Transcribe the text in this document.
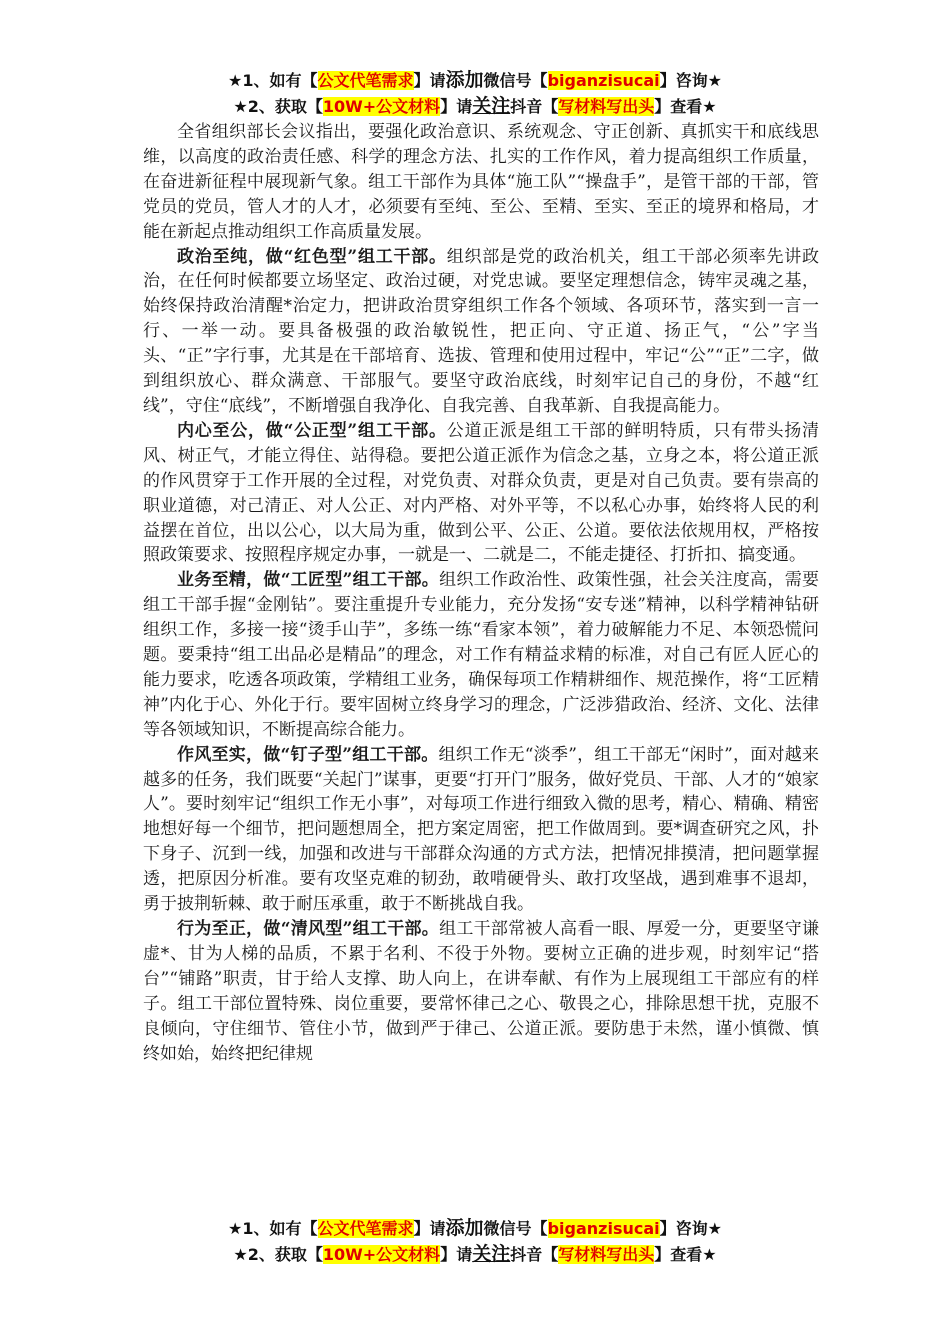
★1、如有【公文代笔需求】请添加微信号【biganzisucai】咨询★
★2、获取【10W+公文材料】请关注抖音【写材料写出头】查看★

全省组织部长会议指出，要强化政治意识、系统观念、守正创新、真抓实干和底线思维，以高度的政治责任感、科学的理念方法、扎实的工作作风，着力提高组织工作质量，在奋进新征程中展现新气象。组工干部作为具体“施工队”“操盘手”，是管干部的干部，管党员的党员，管人才的人才，必须要有至纯、至公、至精、至实、至正的境界和格局，才能在新起点推动组织工作高质量发展。

政治至纯，做“红色型”组工干部。组织部是党的政治机关，组工干部必须率先讲政治，在任何时候都要立场坚定、政治过硬，对党忠诚。要坚定理想信念，铸牢灵魂之基，始终保持政治清醒*治定力，把讲政治贯穿组织工作各个领域、各项环节，落实到一言一行、一举一动。要具备极强的政治敏锐性，把正向、守正道、扬正气，“公”字当头、“正”字行事，尤其是在干部培育、选拔、管理和使用过程中，牢记“公”“正”二字，做到组织放心、群众满意、干部服气。要坚守政治底线，时刻牢记自己的身份，不越“红线”，守住“底线”，不断增强自我净化、自我完善、自我革新、自我提高能力。

内心至公，做“公正型”组工干部。公道正派是组工干部的鲜明特质，只有带头扬清风、树正气，才能立得住、站得稳。要把公道正派作为信念之基，立身之本，将公道正派的作风贯穿于工作开展的全过程，对党负责、对群众负责，更是对自己负责。要有崇高的职业道德，对己清正、对人公正、对内严格、对外平等，不以私心办事，始终将人民的利益摆在首位，出以公心，以大局为重，做到公平、公正、公道。要依法依规用权，严格按照政策要求、按照程序规定办事，一就是一、二就是二，不能走捷径、打折扣、搞变通。

业务至精，做“工匠型”组工干部。组织工作政治性、政策性强，社会关注度高，需要组工干部手握“金刚钻”。要注重提升专业能力，充分发扬“安专迷”精神，以科学精神钻研组织工作，多接一接“烫手山芋”，多练一练“看家本领”，着力破解能力不足、本领恐慌问题。要秉持“组工出品必是精品”的理念，对工作有精益求精的标准，对自己有匠人匠心的能力要求，吃透各项政策，学精组工业务，确保每项工作精耕细作、规范操作，将“工匠精神”内化于心、外化于行。要牢固树立终身学习的理念，广泛涉猎政治、经济、文化、法律等各领域知识，不断提高综合能力。

作风至实，做“钉子型”组工干部。组织工作无“淡季”，组工干部无“闲时”，面对越来越多的任务，我们既要“关起门”谋事，更要“打开门”服务，做好党员、干部、人才的“娘家人”。要时刻牢记“组织工作无小事”，对每项工作进行细致入微的思考，精心、精确、精密地想好每一个细节，把问题想周全，把方案定周密，把工作做周到。要*调查研究之风，扑下身子、沉到一线，加强和改进与干部群众沟通的方式方法，把情况排摸清，把问题掌握透，把原因分析准。要有攻坚克难的韧劲，敢啃硬骨头、敢打攻坚战，遇到难事不退却，勇于披荆斩棘、敢于耐压承重，敢于不断挑战自我。

行为至正，做“清风型”组工干部。组工干部常被人高看一眼、厚爱一分，更要坚守谦虚*、甘为人梯的品质，不累于名利、不役于外物。要树立正确的进步观，时刻牢记“搭台”“铺路”职责，甘于给人支撑、助人向上，在讲奉献、有作为上展现组工干部应有的样子。组工干部位置特殊、岗位重要，要常怀律己之心、敬畏之心，排除思想干扰，克服不良倾向，守住细节、管住小节，做到严于律己、公道正派。要防患于未然，谨小慎微、慎终如始，始终把纪律规

★1、如有【公文代笔需求】请添加微信号【biganzisucai】咨询★
★2、获取【10W+公文材料】请关注抖音【写材料写出头】查看★
